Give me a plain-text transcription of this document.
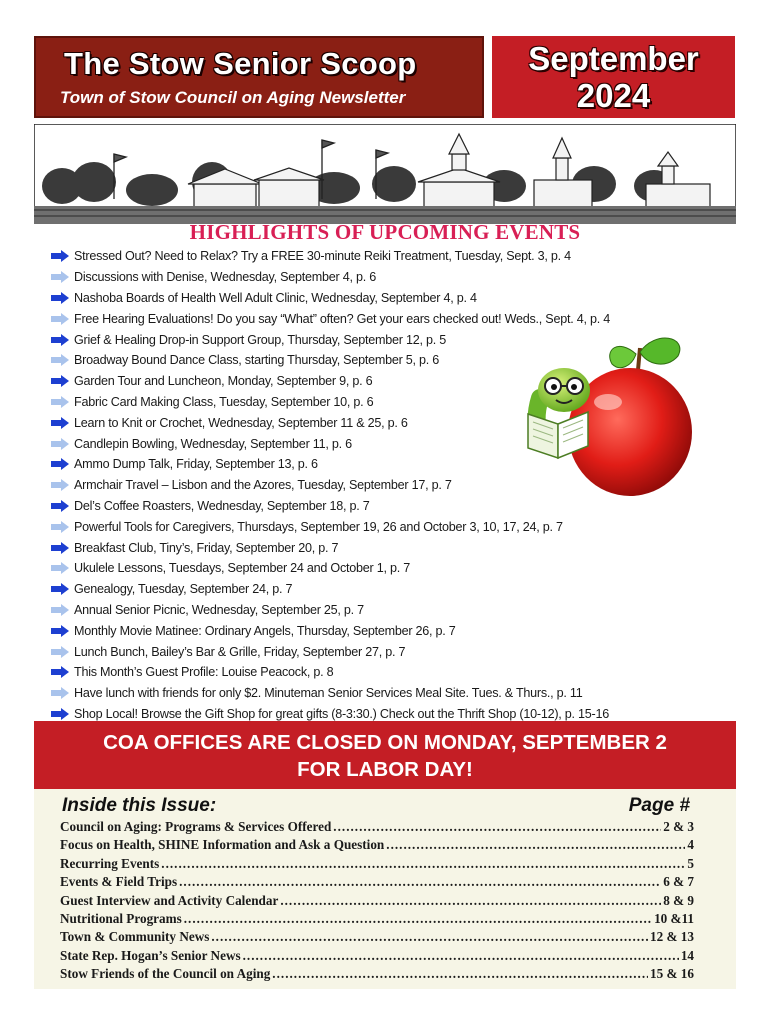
The Stow Senior Scoop
Town of Stow Council on Aging Newsletter
September
2024
HIGHLIGHTS OF UPCOMING EVENTS
Stressed Out? Need to Relax? Try a FREE 30-minute Reiki Treatment, Tuesday, Sept. 3, p. 4
Discussions with Denise, Wednesday, September 4, p. 6
Nashoba Boards of Health Well Adult Clinic, Wednesday, September 4, p. 4
Free Hearing Evaluations! Do you say “What” often? Get your ears checked out! Weds., Sept. 4, p. 4
Grief & Healing Drop-in Support Group, Thursday, September 12, p. 5
Broadway Bound Dance Class, starting Thursday, September 5, p. 6
Garden Tour and Luncheon, Monday, September 9, p. 6
Fabric Card Making Class, Tuesday, September 10, p. 6
Learn to Knit or Crochet, Wednesday, September 11 & 25, p. 6
Candlepin Bowling, Wednesday, September 11, p. 6
Ammo Dump Talk, Friday, September 13, p. 6
Armchair Travel – Lisbon and the Azores, Tuesday, September 17, p. 7
Del’s Coffee Roasters, Wednesday, September 18, p. 7
Powerful Tools for Caregivers, Thursdays, September 19, 26 and October 3, 10, 17, 24, p. 7
Breakfast Club, Tiny’s, Friday, September 20, p. 7
Ukulele Lessons, Tuesdays, September 24 and October 1, p. 7
Genealogy, Tuesday, September 24, p. 7
Annual Senior Picnic, Wednesday, September 25, p. 7
Monthly Movie Matinee: Ordinary Angels, Thursday, September 26, p. 7
Lunch Bunch, Bailey’s Bar & Grille, Friday, September 27, p. 7
This Month’s Guest Profile: Louise Peacock, p. 8
Have lunch with friends for only $2. Minuteman Senior Services Meal Site. Tues. & Thurs., p. 11
Shop Local! Browse the Gift Shop for great gifts (8-3:30.) Check out the Thrift Shop (10-12), p. 15-16
COA OFFICES ARE CLOSED ON MONDAY, SEPTEMBER 2
FOR LABOR DAY!
Inside this Issue:	Page #
Council on Aging: Programs & Services Offered .....	2 & 3
Focus on Health, SHINE Information and Ask a Question .....	4
Recurring Events .....	5
Events & Field Trips .....	6 & 7
Guest Interview and Activity Calendar .....	8 & 9
Nutritional Programs .....	10 &11
Town & Community News .....	12 & 13
State Rep. Hogan’s Senior News .....	14
Stow Friends of the Council on Aging .....	15 & 16
